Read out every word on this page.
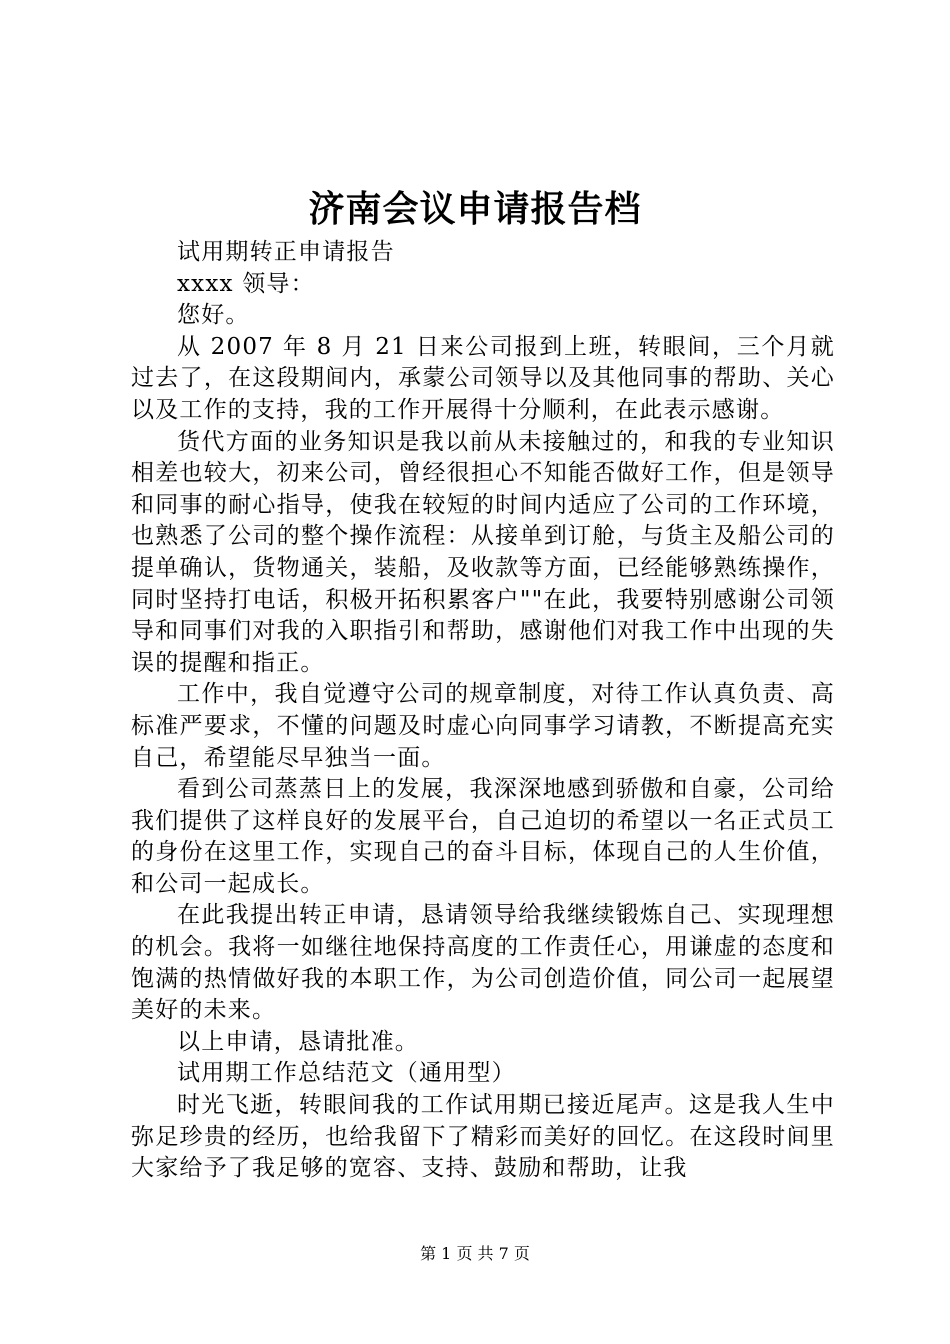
济南会议申请报告档

试用期转正申请报告

xxxx 领导：

您好。

从 2007 年 8 月 21 日来公司报到上班，转眼间，三个月就过去了，在这段期间内，承蒙公司领导以及其他同事的帮助、关心以及工作的支持，我的工作开展得十分顺利，在此表示感谢。

货代方面的业务知识是我以前从未接触过的，和我的专业知识相差也较大，初来公司，曾经很担心不知能否做好工作，但是领导和同事的耐心指导，使我在较短的时间内适应了公司的工作环境，也熟悉了公司的整个操作流程：从接单到订舱，与货主及船公司的提单确认，货物通关，装船，及收款等方面，已经能够熟练操作，同时坚持打电话，积极开拓积累客户""在此，我要特别感谢公司领导和同事们对我的入职指引和帮助，感谢他们对我工作中出现的失误的提醒和指正。

工作中，我自觉遵守公司的规章制度，对待工作认真负责、高标准严要求，不懂的问题及时虚心向同事学习请教，不断提高充实自己，希望能尽早独当一面。

看到公司蒸蒸日上的发展，我深深地感到骄傲和自豪，公司给我们提供了这样良好的发展平台，自己迫切的希望以一名正式员工的身份在这里工作，实现自己的奋斗目标，体现自己的人生价值，和公司一起成长。

在此我提出转正申请，恳请领导给我继续锻炼自己、实现理想的机会。我将一如继往地保持高度的工作责任心，用谦虚的态度和饱满的热情做好我的本职工作，为公司创造价值，同公司一起展望美好的未来。

以上申请，恳请批准。

试用期工作总结范文（通用型）

时光飞逝，转眼间我的工作试用期已接近尾声。这是我人生中弥足珍贵的经历，也给我留下了精彩而美好的回忆。在这段时间里大家给予了我足够的宽容、支持、鼓励和帮助，让我

第 1 页 共 7 页
